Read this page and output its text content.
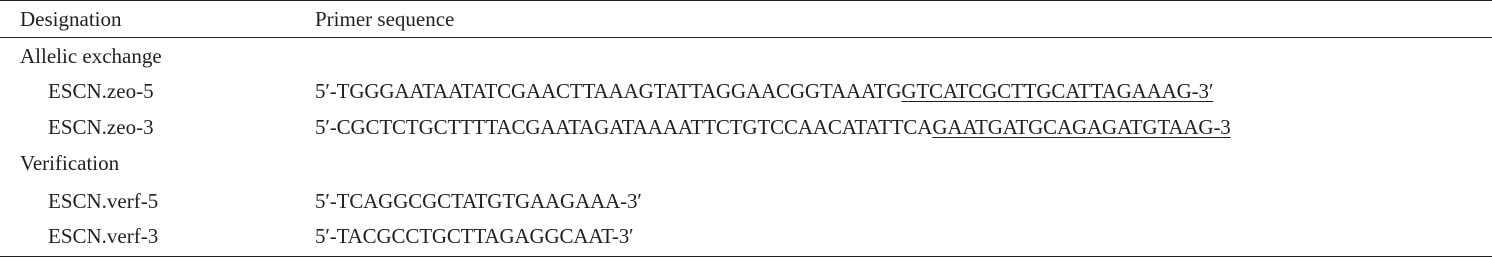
Designation	Primer sequence
Allelic exchange
ESCN.zeo-5	5′-TGGGAATAATATCGAACTTAAAGTATTAGGAACGGTAAATGGTCATCGCTTGCATTAGAAAG-3′
ESCN.zeo-3	5′-CGCTCTGCTTTTACGAATAGATAAAATTCTGTCCAACATATTCAGAATGATGCAGAGATGTAAG-3
Verification
ESCN.verf-5	5′-TCAGGCGCTATGTGAAGAAA-3′
ESCN.verf-3	5′-TACGCCTGCTTAGAGGCAAT-3′
